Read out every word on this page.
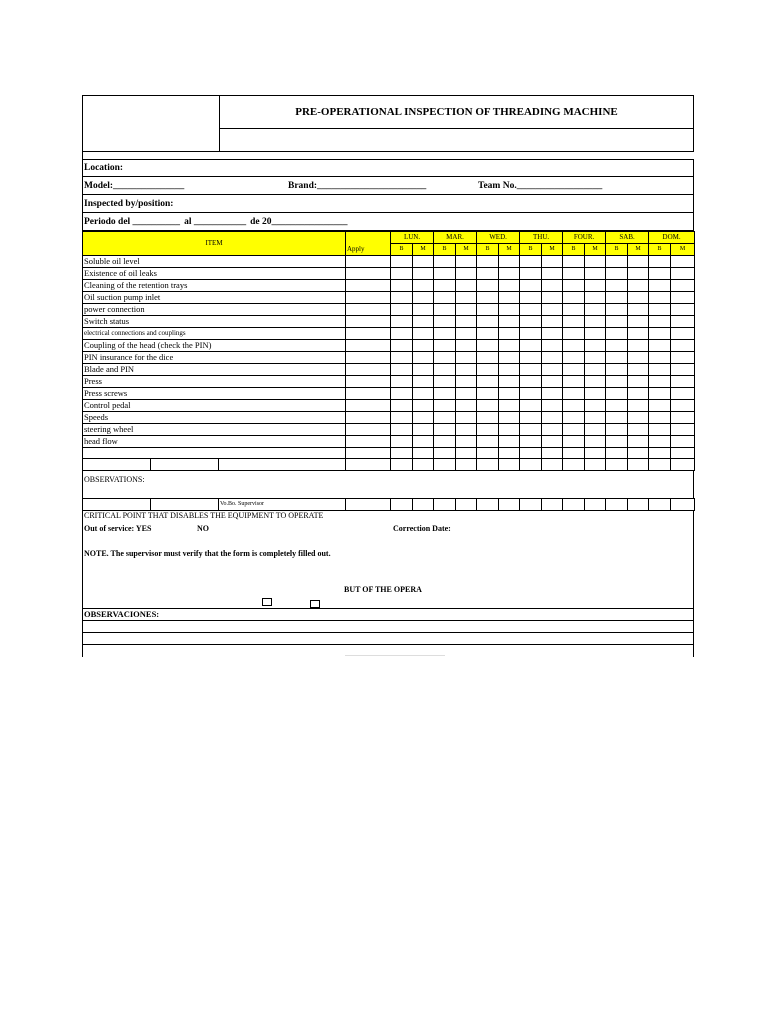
PRE-OPERATIONAL INSPECTION OF THREADING MACHINE
Location:
Model:_______________	Brand:_______________________	Team No.__________________
Inspected by/position:
Periodo del __________ al ___________ de 20________________
ITEM			Apply	LUN.		MAR.		WED.		THU.		FOUR.		SAB.		DOM.	
				B	M	B	M	B	M	B	M	B	M	B	M	B	M
Soluble oil level																	
Existence of oil leaks																	
Cleaning of the retention trays																	
Oil suction pump inlet																	
power connection																	
Switch status																	
electrical connections and couplings																	
Coupling of the head (check the PIN)																	
PIN insurance for the dice																	
Blade and PIN																	
Press																	
Press screws																	
Control pedal																	
Speeds																	
steering wheel																	
head flow																	

OBSERVATIONS:
		Vo.Bo. Supervisor															
CRITICAL POINT THAT DISABLES THE EQUIPMENT TO OPERATE
Out of service: YES	NO	Correction Date:
NOTE. The supervisor must verify that the form is completely filled out.
BUT OF THE OPERA
OBSERVACIONES:
